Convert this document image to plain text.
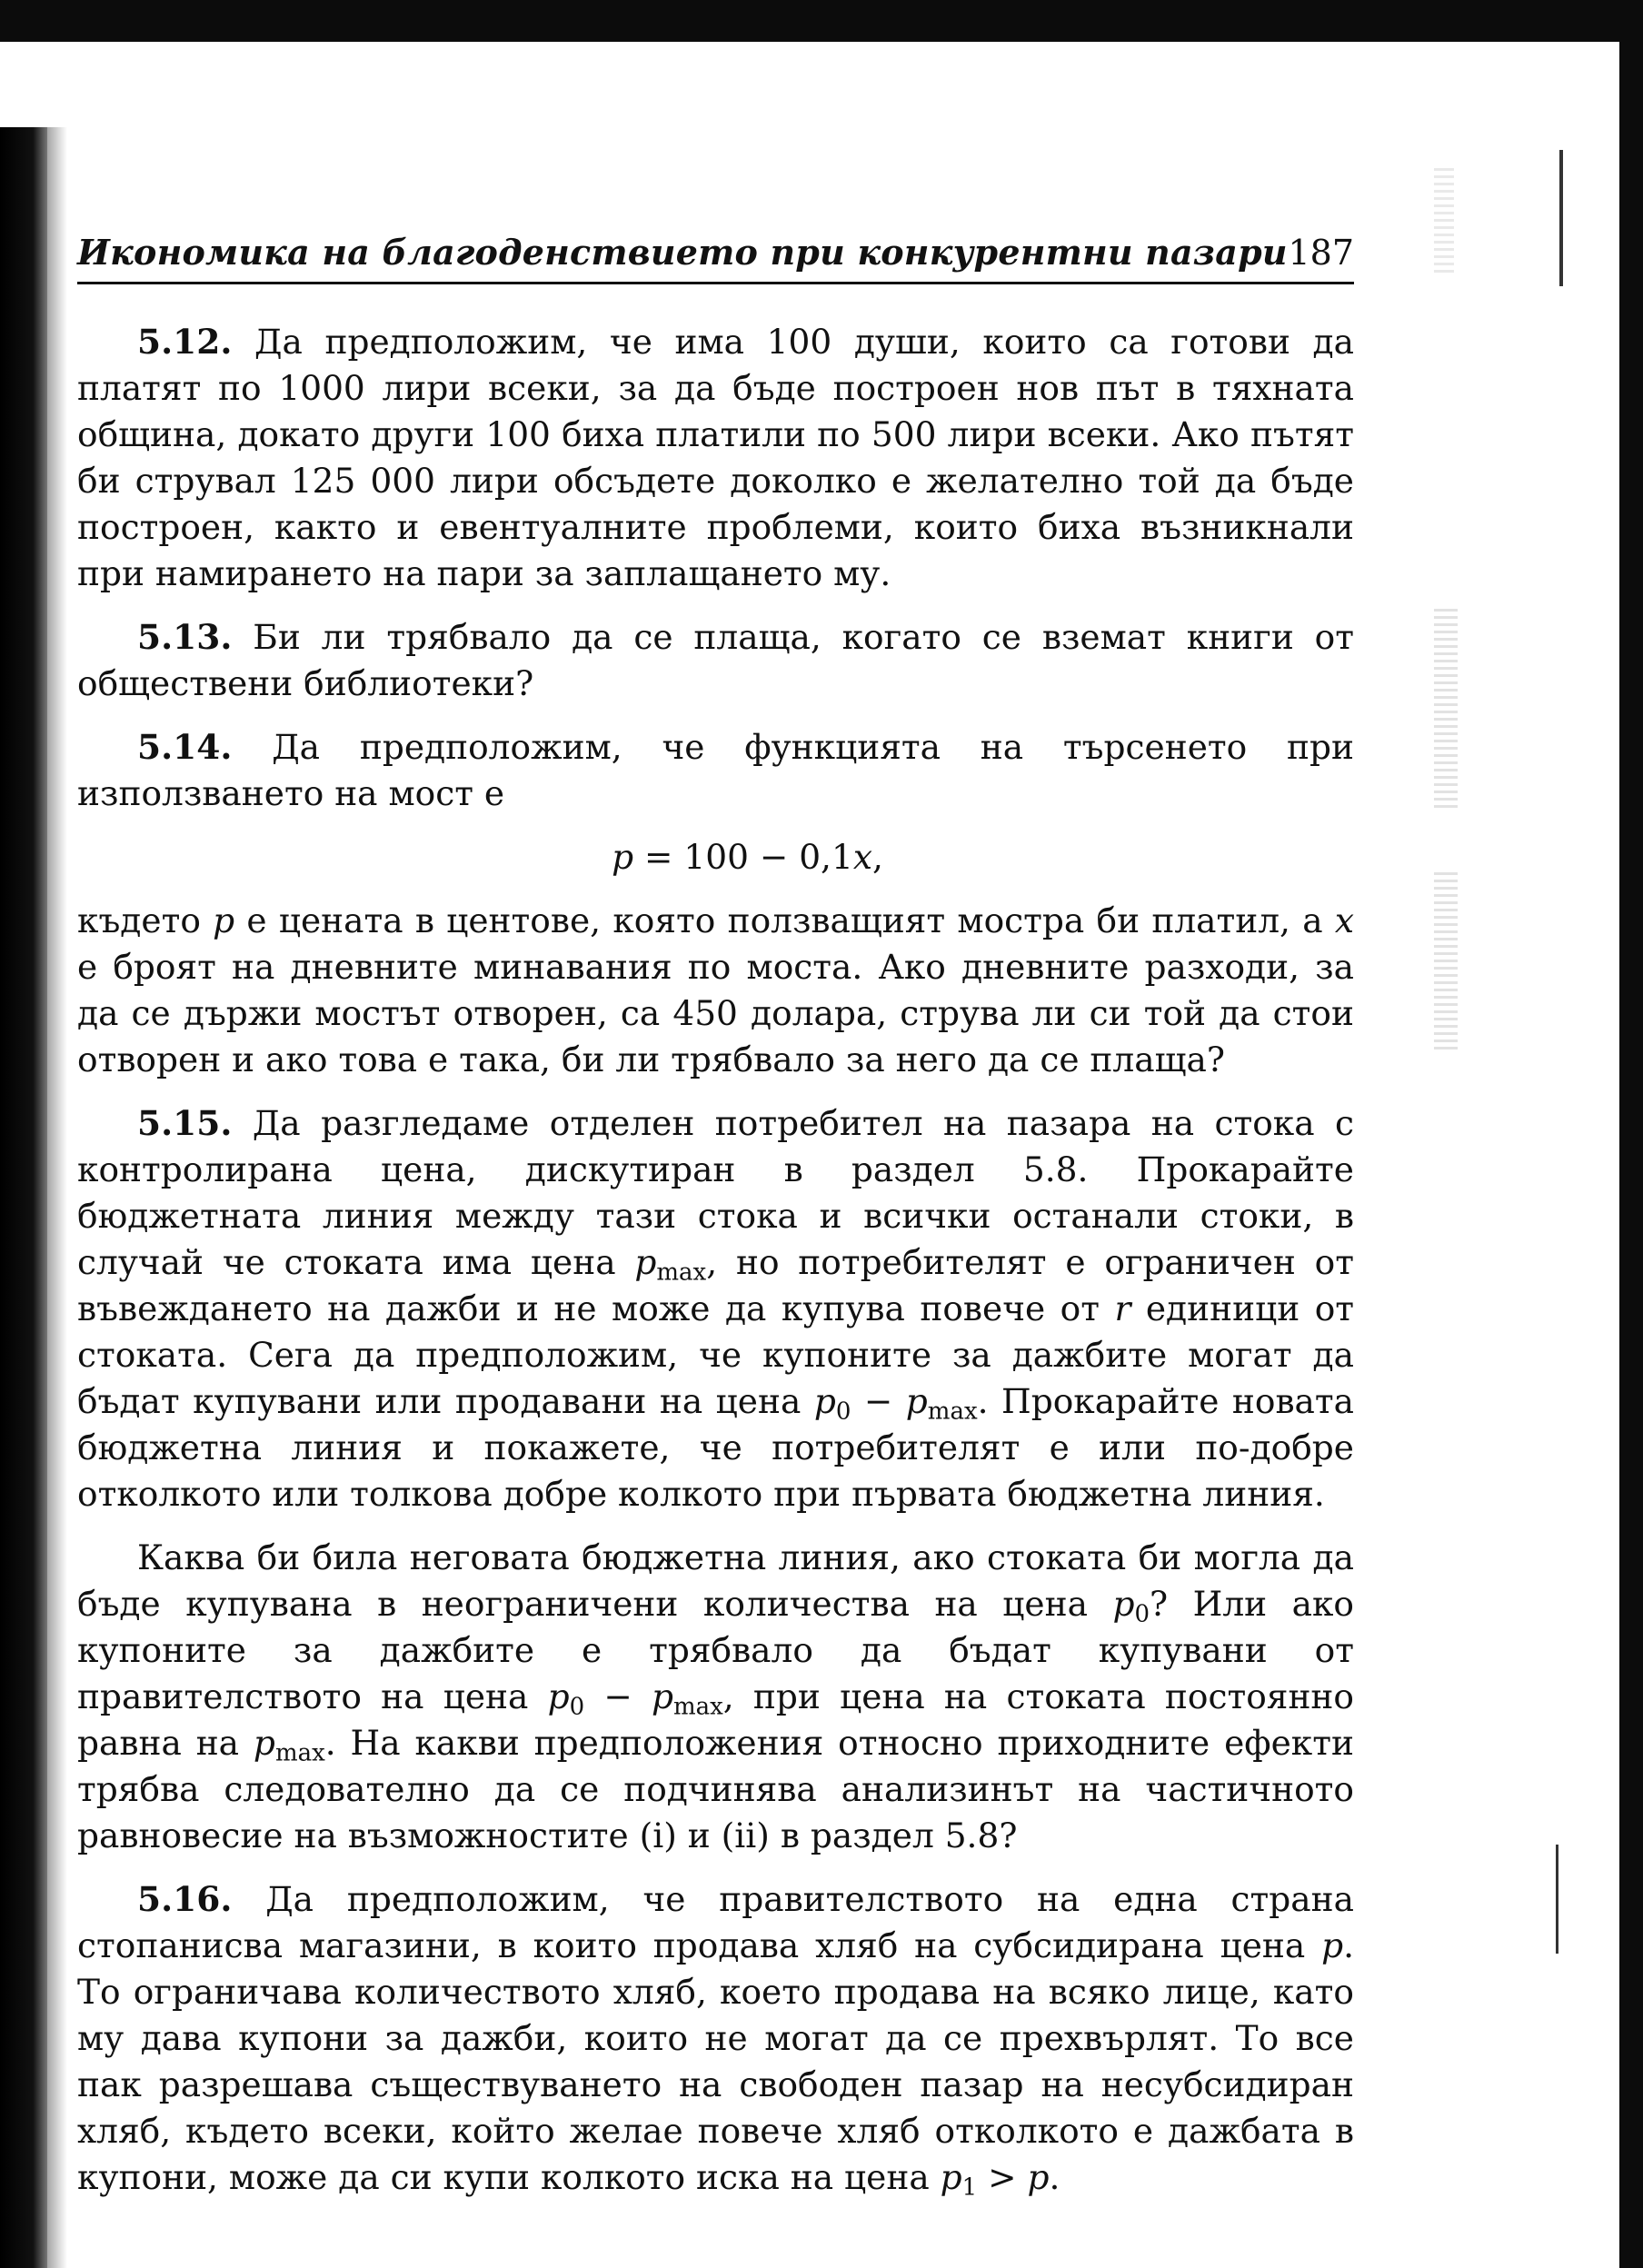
Икономика на благоденствието при конкурентни пазари 187

5.12. Да предположим, че има 100 души, които са готови да платят по 1000 лири всеки, за да бъде построен нов път в тяхната община, докато други 100 биха платили по 500 лири всеки. Ако пътят би струвал 125 000 лири обсъдете доколко е желателно той да бъде построен, както и евентуалните проблеми, които биха възникнали при намирането на пари за заплащането му.

5.13. Би ли трябвало да се плаща, когато се вземат книги от обществени библиотеки?

5.14. Да предположим, че функцията на търсенето при използването на мост е

p = 100 − 0,1x,

където p е цената в центове, която ползващият мостра би платил, а x е броят на дневните минавания по моста. Ако дневните разходи, за да се държи мостът отворен, са 450 долара, струва ли си той да стои отворен и ако това е така, би ли трябвало за него да се плаща?

5.15. Да разгледаме отделен потребител на пазара на стока с контролирана цена, дискутиран в раздел 5.8. Прокарайте бюджетната линия между тази стока и всички останали стоки, в случай че стоката има цена $p_{max}$, но потребителят е ограничен от въвеждането на дажби и не може да купува повече от r единици от стоката. Сега да предположим, че купоните за дажбите могат да бъдат купувани или продавани на цена $p_0 - p_{max}$. Прокарайте новата бюджетна линия и покажете, че потребителят е или по-добре отколкото или толкова добре колкото при първата бюджетна линия.

Каква би била неговата бюджетна линия, ако стоката би могла да бъде купувана в неограничени количества на цена $p_0$? Или ако купоните за дажбите е трябвало да бъдат купувани от правителството на цена $p_0 - p_{max}$, при цена на стоката постоянно равна на $p_{max}$. На какви предположения относно приходните ефекти трябва следователно да се подчинява анализинът на частичното равновесие на възможностите (i) и (ii) в раздел 5.8?

5.16. Да предположим, че правителството на една страна стопанисва магазини, в които продава хляб на субсидирана цена p. То ограничава количеството хляб, което продава на всяко лице, като му дава купони за дажби, които не могат да се прехвърлят. То все пак разрешава съществуването на свободен пазар на несубсидиран хляб, където всеки, който желае повече хляб отколкото е дажбата в купони, може да си купи колкото иска на цена $p_1 > p$.
